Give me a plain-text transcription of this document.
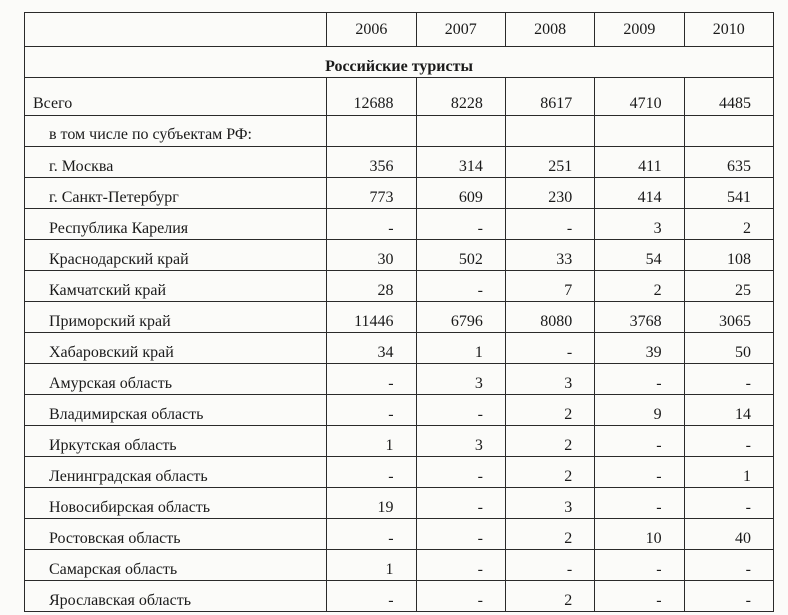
	2006	2007	2008	2009	2010
Российские туристы					
Всего	12688	8228	8617	4710	4485
в том числе по субъектам РФ:					
г. Москва	356	314	251	411	635
г. Санкт-Петербург	773	609	230	414	541
Республика Карелия	-	-	-	3	2
Краснодарский край	30	502	33	54	108
Камчатский край	28	-	7	2	25
Приморский край	11446	6796	8080	3768	3065
Хабаровский край	34	1	-	39	50
Амурская область	-	3	3	-	-
Владимирская область	-	-	2	9	14
Иркутская область	1	3	2	-	-
Ленинградская область	-	-	2	-	1
Новосибирская область	19	-	3	-	-
Ростовская область	-	-	2	10	40
Самарская область	1	-	-	-	-
Ярославская область	-	-	2	-	-
